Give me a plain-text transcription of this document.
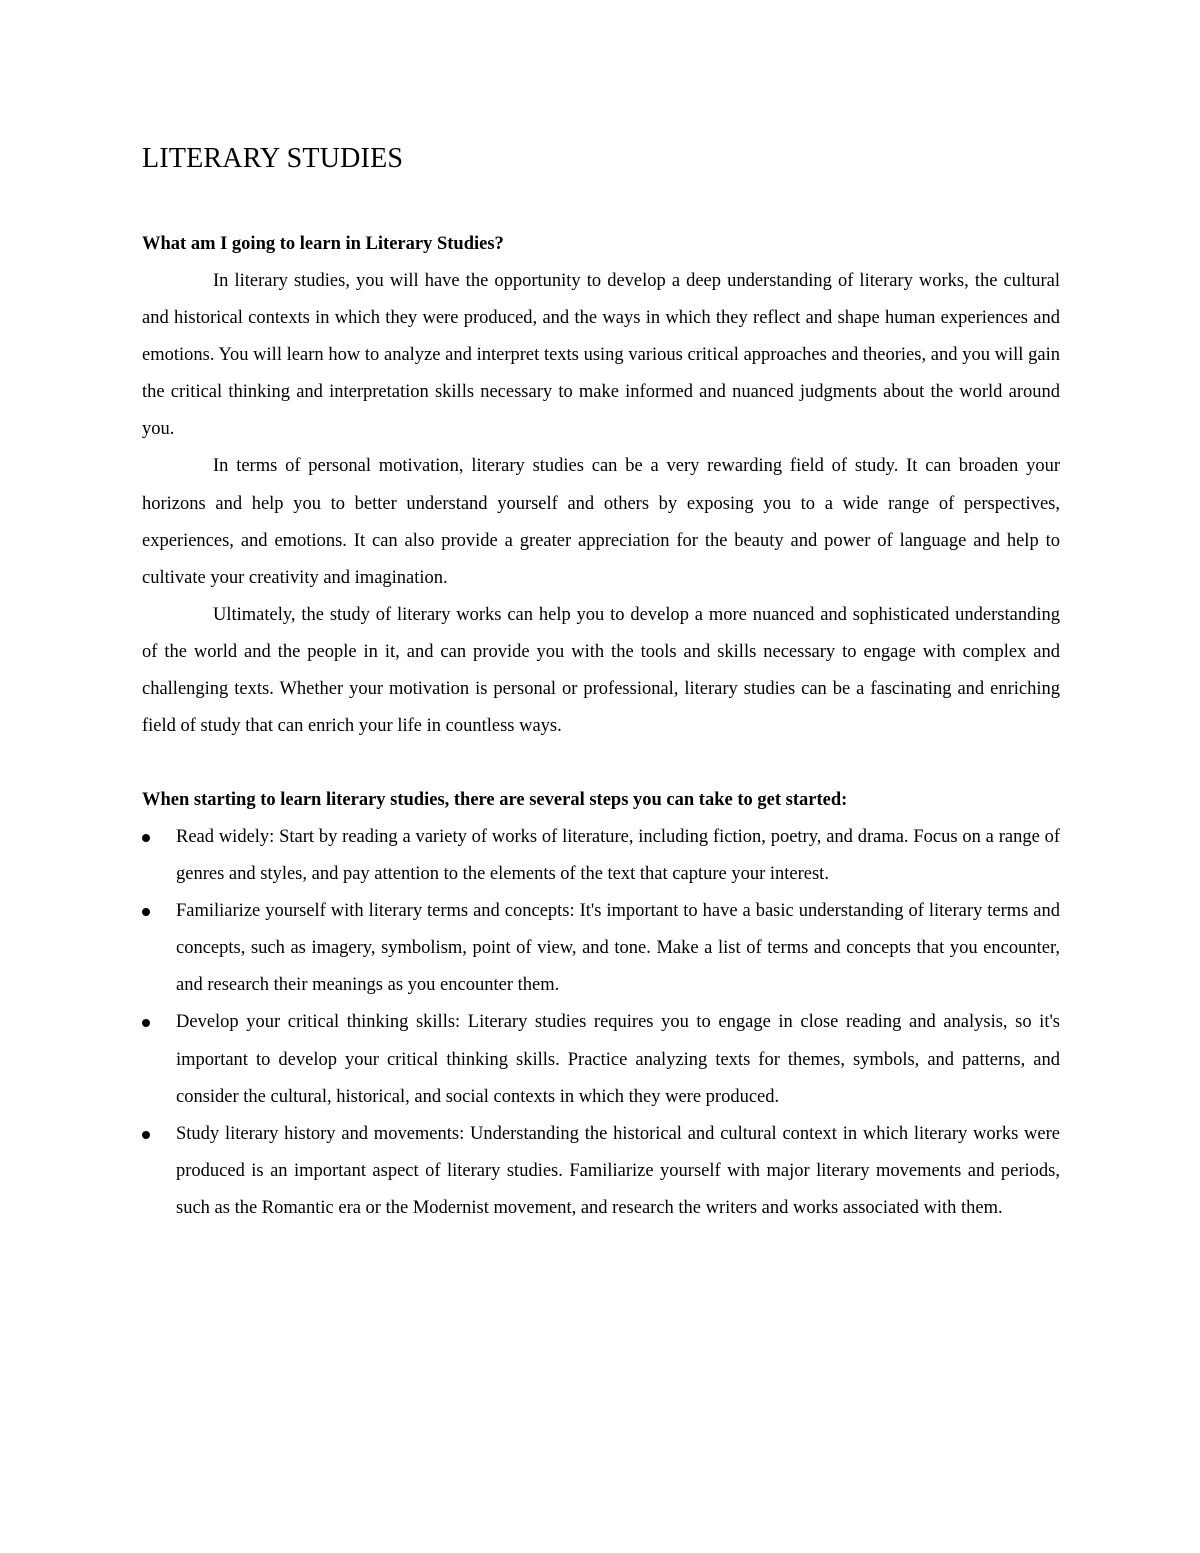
LITERARY STUDIES
What am I going to learn in Literary Studies?

In literary studies, you will have the opportunity to develop a deep understanding of literary works, the cultural and historical contexts in which they were produced, and the ways in which they reflect and shape human experiences and emotions. You will learn how to analyze and interpret texts using various critical approaches and theories, and you will gain the critical thinking and interpretation skills necessary to make informed and nuanced judgments about the world around you.

In terms of personal motivation, literary studies can be a very rewarding field of study. It can broaden your horizons and help you to better understand yourself and others by exposing you to a wide range of perspectives, experiences, and emotions. It can also provide a greater appreciation for the beauty and power of language and help to cultivate your creativity and imagination.

Ultimately, the study of literary works can help you to develop a more nuanced and sophisticated understanding of the world and the people in it, and can provide you with the tools and skills necessary to engage with complex and challenging texts. Whether your motivation is personal or professional, literary studies can be a fascinating and enriching field of study that can enrich your life in countless ways.

When starting to learn literary studies, there are several steps you can take to get started:
Read widely: Start by reading a variety of works of literature, including fiction, poetry, and drama. Focus on a range of genres and styles, and pay attention to the elements of the text that capture your interest.
Familiarize yourself with literary terms and concepts: It's important to have a basic understanding of literary terms and concepts, such as imagery, symbolism, point of view, and tone. Make a list of terms and concepts that you encounter, and research their meanings as you encounter them.
Develop your critical thinking skills: Literary studies requires you to engage in close reading and analysis, so it's important to develop your critical thinking skills. Practice analyzing texts for themes, symbols, and patterns, and consider the cultural, historical, and social contexts in which they were produced.
Study literary history and movements: Understanding the historical and cultural context in which literary works were produced is an important aspect of literary studies. Familiarize yourself with major literary movements and periods, such as the Romantic era or the Modernist movement, and research the writers and works associated with them.
